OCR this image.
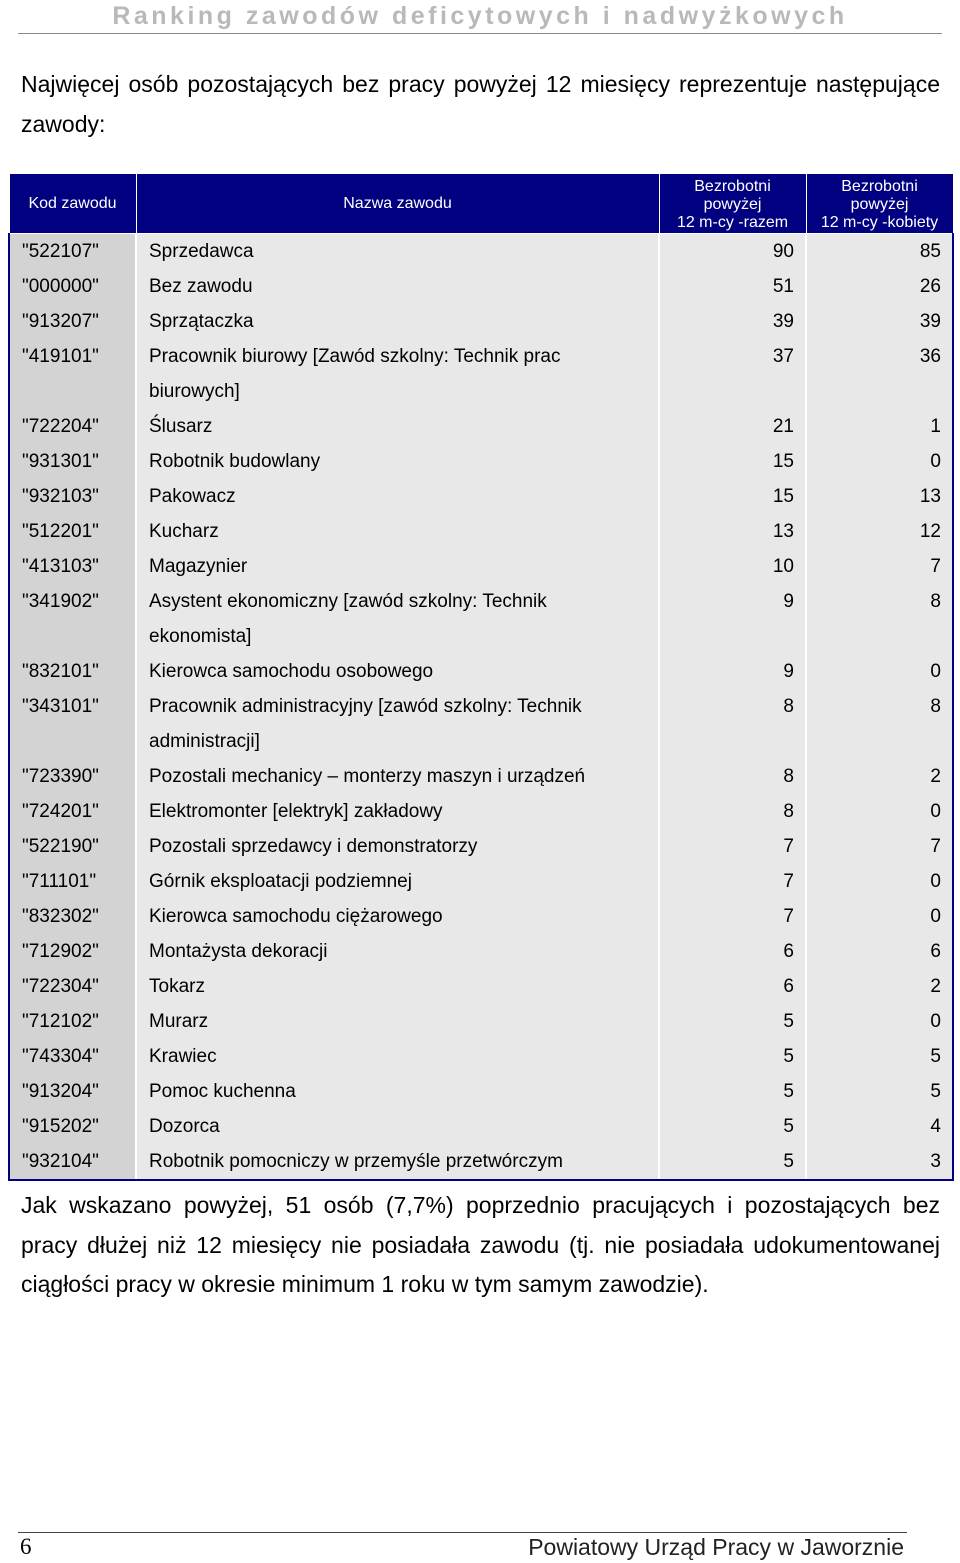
Ranking zawodów deficytowych i nadwyżkowych

Najwięcej osób pozostających bez pracy powyżej 12 miesięcy reprezentuje następujące zawody:

Kod zawodu	Nazwa zawodu	Bezrobotni
powyżej
12 m-cy -razem	Bezrobotni
powyżej
12 m-cy -kobiety

"522107"	Sprzedawca	90	85
"000000"	Bez zawodu	51	26
"913207"	Sprzątaczka	39	39
"419101"	Pracownik biurowy [Zawód szkolny: Technik prac biurowych]	37	36
"722204"	Ślusarz	21	1
"931301"	Robotnik budowlany	15	0
"932103"	Pakowacz	15	13
"512201"	Kucharz	13	12
"413103"	Magazynier	10	7
"341902"	Asystent ekonomiczny [zawód szkolny: Technik ekonomista]	9	8
"832101"	Kierowca samochodu osobowego	9	0
"343101"	Pracownik administracyjny [zawód szkolny: Technik administracji]	8	8
"723390"	Pozostali mechanicy – monterzy maszyn i urządzeń	8	2
"724201"	Elektromonter [elektryk] zakładowy	8	0
"522190"	Pozostali sprzedawcy i demonstratorzy	7	7
"711101"	Górnik eksploatacji podziemnej	7	0
"832302"	Kierowca samochodu ciężarowego	7	0
"712902"	Montażysta dekoracji	6	6
"722304"	Tokarz	6	2
"712102"	Murarz	5	0
"743304"	Krawiec	5	5
"913204"	Pomoc kuchenna	5	5
"915202"	Dozorca	5	4
"932104"	Robotnik pomocniczy w przemyśle przetwórczym	5	3

Jak wskazano powyżej, 51 osób (7,7%) poprzednio pracujących i pozostających bez pracy dłużej niż 12 miesięcy nie posiadała zawodu (tj. nie posiadała udokumentowanej ciągłości pracy w okresie minimum 1 roku w tym samym zawodzie).

6	Powiatowy Urząd Pracy w Jaworznie
